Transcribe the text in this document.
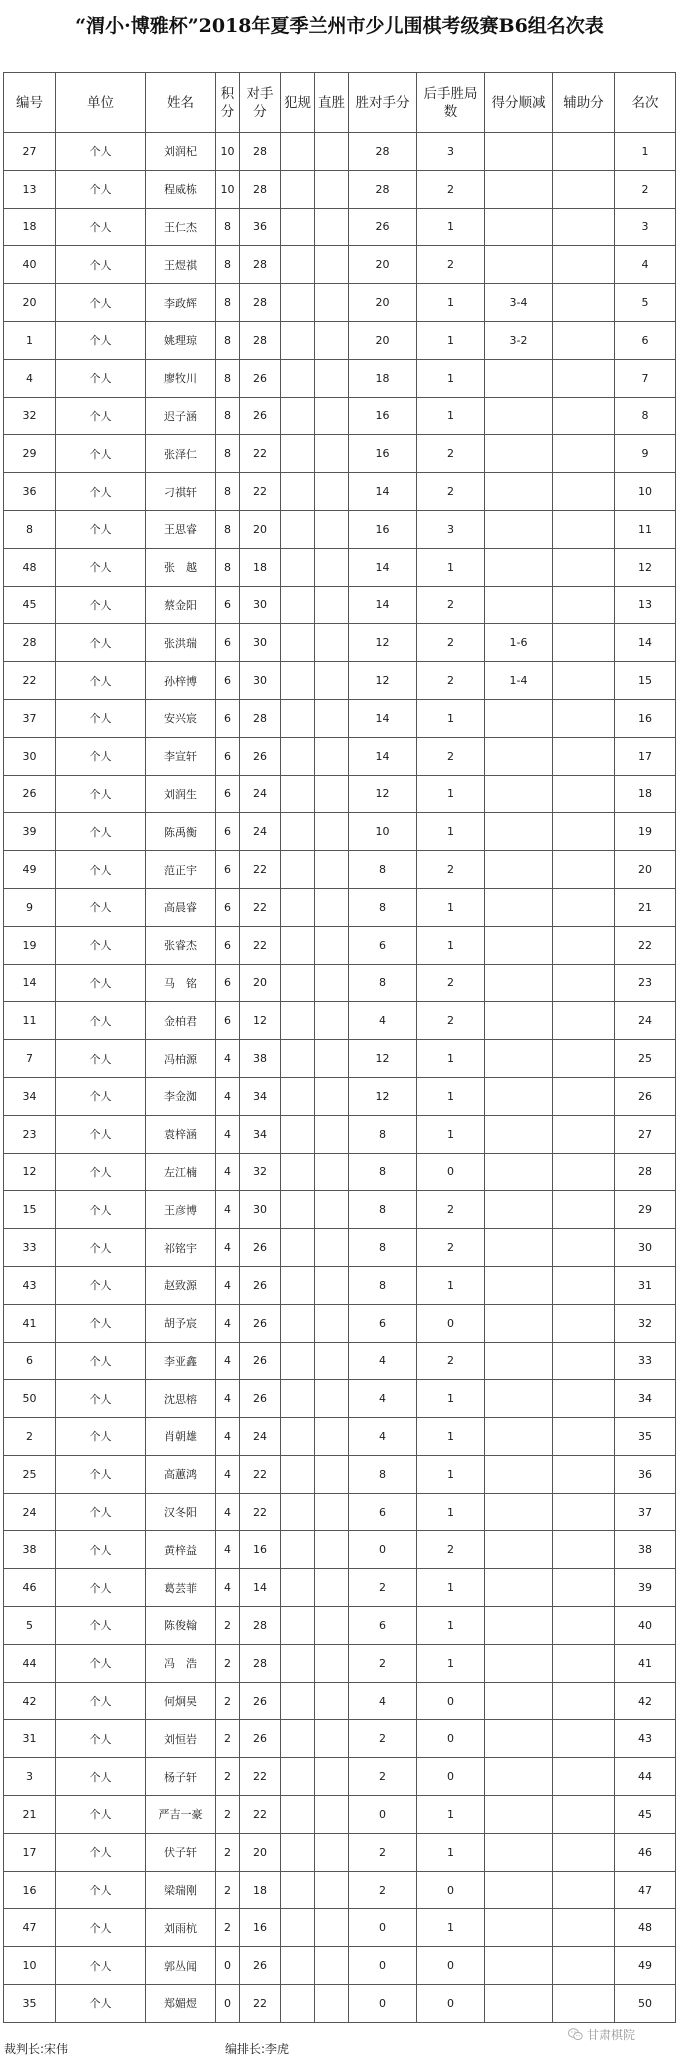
“渭小·博雅杯”2018年夏季兰州市少儿围棋考级赛B6组名次表
编号	单位	姓名	积分	对手分	犯规	直胜	胜对手分	后手胜局数	得分顺减	辅助分	名次
27	个人	刘润杞	10	28			28	3			1
13	个人	程威栋	10	28			28	2			2
18	个人	王仁杰	8	36			26	1			3
40	个人	王煜祺	8	28			20	2			4
20	个人	李政辉	8	28			20	1	3-4		5
1	个人	姚理琼	8	28			20	1	3-2		6
4	个人	廖牧川	8	26			18	1			7
32	个人	迟子涵	8	26			16	1			8
29	个人	张泽仁	8	22			16	2			9
36	个人	刁祺轩	8	22			14	2			10
8	个人	王思睿	8	20			16	3			11
48	个人	张　越	8	18			14	1			12
45	个人	蔡金阳	6	30			14	2			13
28	个人	张洪瑞	6	30			12	2	1-6		14
22	个人	孙梓博	6	30			12	2	1-4		15
37	个人	安兴宸	6	28			14	1			16
30	个人	李宣轩	6	26			14	2			17
26	个人	刘润生	6	24			12	1			18
39	个人	陈禹衡	6	24			10	1			19
49	个人	范正宇	6	22			8	2			20
9	个人	高晨睿	6	22			8	1			21
19	个人	张睿杰	6	22			6	1			22
14	个人	马　铭	6	20			8	2			23
11	个人	金柏君	6	12			4	2			24
7	个人	冯柏源	4	38			12	1			25
34	个人	李金洳	4	34			12	1			26
23	个人	袁梓涵	4	34			8	1			27
12	个人	左江楠	4	32			8	0			28
15	个人	王彦博	4	30			8	2			29
33	个人	祁铭宇	4	26			8	2			30
43	个人	赵致源	4	26			8	1			31
41	个人	胡予宸	4	26			6	0			32
6	个人	李亚鑫	4	26			4	2			33
50	个人	沈思榕	4	26			4	1			34
2	个人	肖朝雄	4	24			4	1			35
25	个人	高蕙鸿	4	22			8	1			36
24	个人	汉冬阳	4	22			6	1			37
38	个人	黄梓益	4	16			0	2			38
46	个人	葛芸菲	4	14			2	1			39
5	个人	陈俊翰	2	28			6	1			40
44	个人	冯　浩	2	28			2	1			41
42	个人	何炯昊	2	26			4	0			42
31	个人	刘恒岩	2	26			2	0			43
3	个人	杨子轩	2	22			2	0			44
21	个人	严吉一豪	2	22			0	1			45
17	个人	伏子轩	2	20			2	1			46
16	个人	梁瑞刚	2	18			2	0			47
47	个人	刘雨杭	2	16			0	1			48
10	个人	郭丛闻	0	26			0	0			49
35	个人	郑媚煜	0	22			0	0			50
甘肃棋院
裁判长:宋伟	编排长:李虎
